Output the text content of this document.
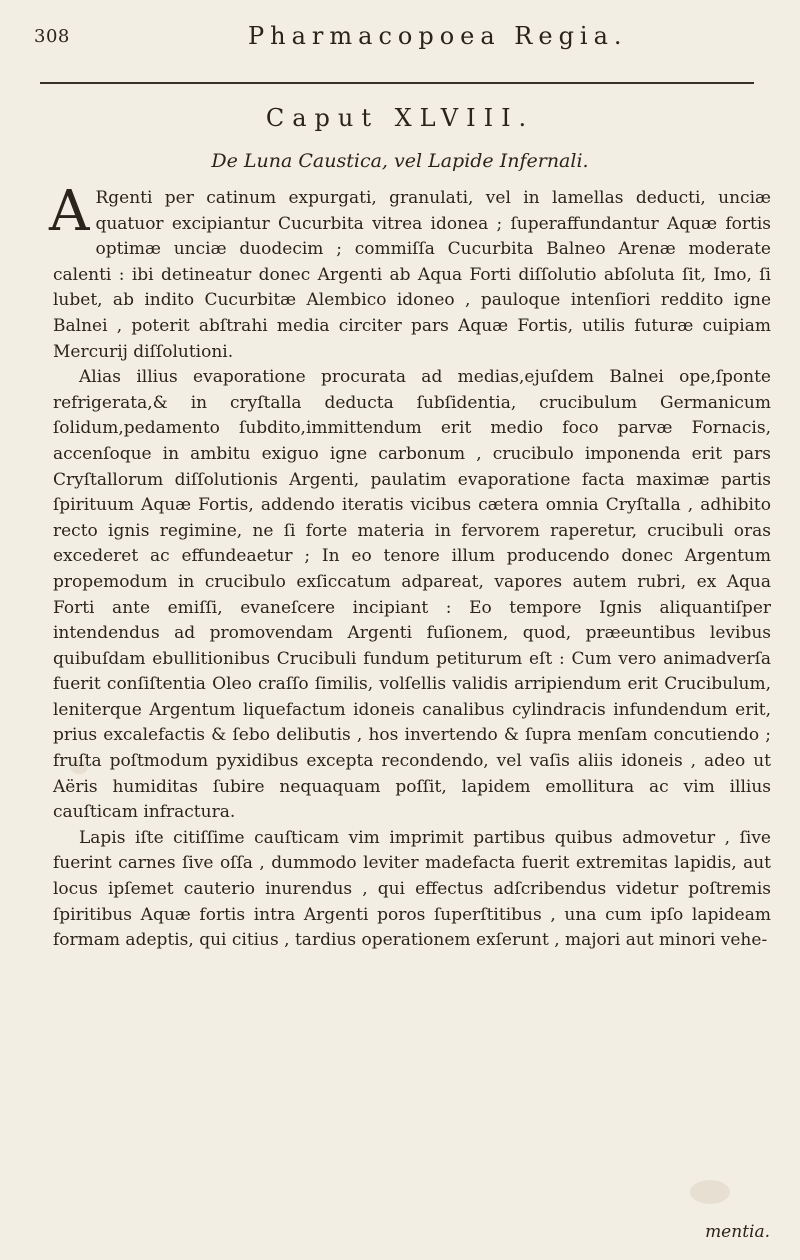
308	Pharmacopoea Regia.
Caput XLVIII.
De Luna Caustica, vel Lapide Infernali.

A Rgenti per catinum expurgati, granulati, vel in lamellas deducti, unciæ quatuor excipiantur Cucurbita vitrea idonea ; ſuperaffundantur Aquæ fortis optimæ unciæ duodecim ; commiſſa Cucurbita Balneo Arenæ moderate calenti : ibi detineatur donec Argenti ab Aqua Forti diſſolutio abſoluta ſit, Imo, ſi lubet, ab indito Cucurbitæ Alembico idoneo , pauloque intenſiori reddito igne Balnei , poterit abſtrahi media circiter pars Aquæ Fortis, utilis futuræ cuipiam Mercurij diſſolutioni.

Alias illius evaporatione procurata ad medias,ejuſdem Balnei ope,ſponte refrigerata,& in cryſtalla deducta ſubſidentia, crucibulum Germanicum ſolidum,pedamento ſubdito,immittendum erit medio foco parvæ Fornacis, accenſoque in ambitu exiguo igne carbonum , crucibulo imponenda erit pars Cryſtallorum diſſolutionis Argenti, paulatim evaporatione facta maximæ partis ſpirituum Aquæ Fortis, addendo iteratis vicibus cætera omnia Cryſtalla , adhibito recto ignis regimine, ne ſi forte materia in fervorem raperetur, crucibuli oras excederet ac effundeaetur ; In eo tenore illum producendo donec Argentum propemodum in crucibulo exſiccatum adpareat, vapores autem rubri, ex Aqua Forti ante emiſſi, evaneſcere incipiant : Eo tempore Ignis aliquantiſper intendendus ad promovendam Argenti fuſionem, quod, præeuntibus levibus quibuſdam ebullitionibus Crucibuli fundum petiturum eſt : Cum vero animadverſa fuerit conſiſtentia Oleo craſſo ſimilis, volſellis validis arripiendum erit Crucibulum, leniterque Argentum liquefactum idoneis canalibus cylindracis infundendum erit, prius excalefactis & ſebo delibutis , hos invertendo & ſupra menſam concutiendo ; fruſta poſtmodum pyxidibus excepta recondendo, vel vaſis aliis idoneis , adeo ut Aëris humiditas ſubire nequaquam poſſit, lapidem emollitura ac vim illius cauſticam infractura.

Lapis iſte citiſſime cauſticam vim imprimit partibus quibus admovetur , ſive fuerint carnes ſive oſſa , dummodo leviter madefacta fuerit extremitas lapidis, aut locus ipſemet cauterio inurendus , qui effectus adſcribendus videtur poſtremis ſpiritibus Aquæ fortis intra Argenti poros ſuperſtitibus , una cum ipſo lapideam formam adeptis, qui citius , tardius operationem exſerunt , majori aut minori vehe-

mentia.
